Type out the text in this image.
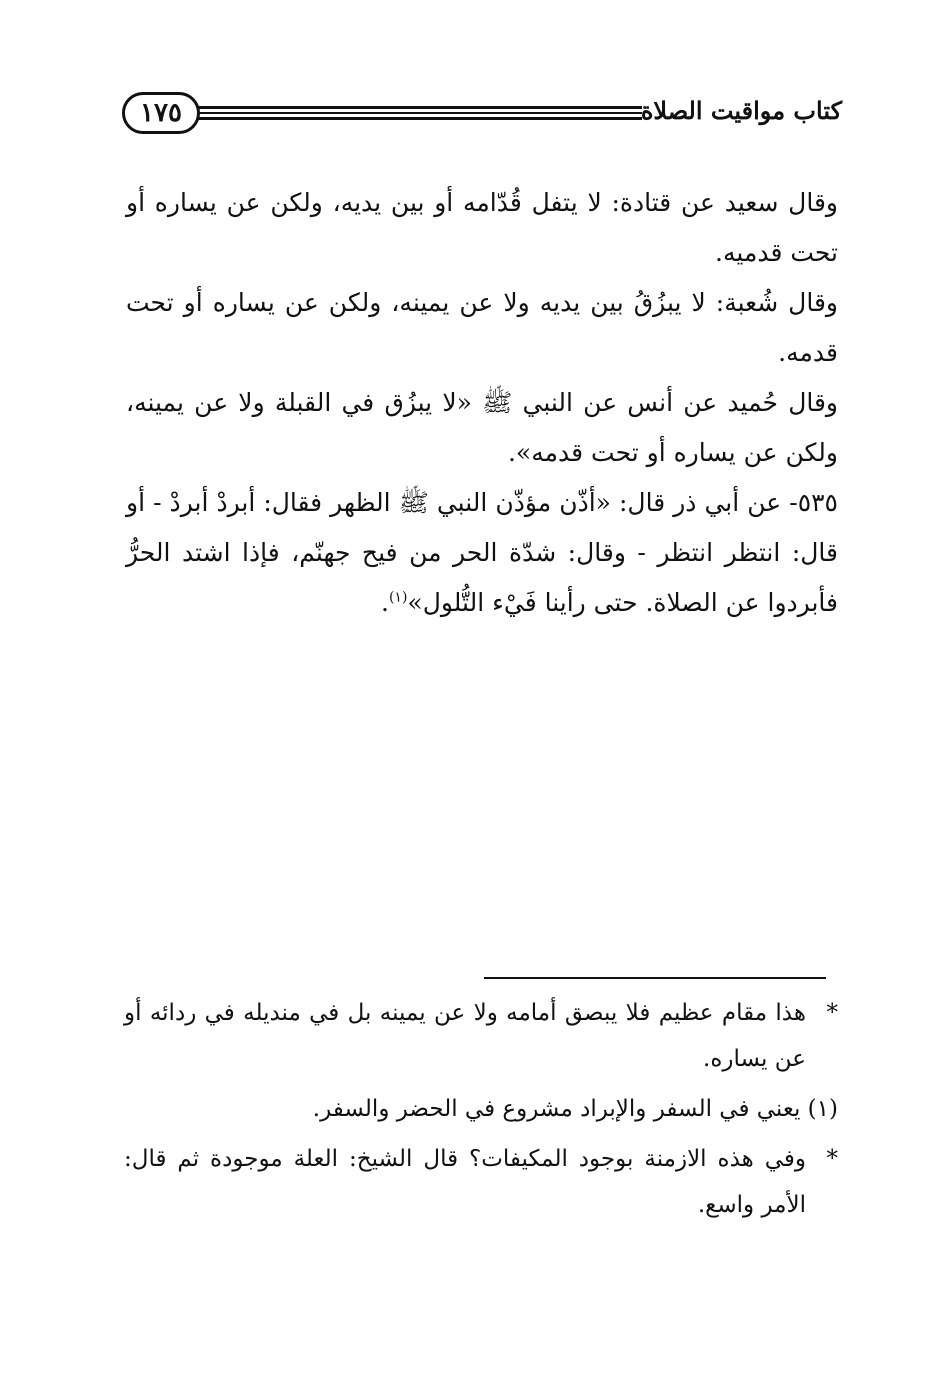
١٧٥	كتاب مواقيت الصلاة

وقال سعيد عن قتادة: لا يتفل قُدّامه أو بين يديه، ولكن عن يساره أو تحت قدميه.

وقال شُعبة: لا يبزُقُ بين يديه ولا عن يمينه، ولكن عن يساره أو تحت قدمه.

وقال حُميد عن أنس عن النبي ﷺ «لا يبزُق في القبلة ولا عن يمينه، ولكن عن يساره أو تحت قدمه».

٥٣٥- عن أبي ذر قال: «أذّن مؤذّن النبي ﷺ الظهر فقال: أبردْ أبردْ - أو قال: انتظر انتظر - وقال: شدّة الحر من فيح جهنّم، فإذا اشتد الحرُّ فأبردوا عن الصلاة. حتى رأينا فَيْء التُّلول»$^{(١)}$.

*
هذا مقام عظيم فلا يبصق أمامه ولا عن يمينه بل في منديله في ردائه أو عن يساره.

(١) يعني في السفر والإبراد مشروع في الحضر والسفر.

*
وفي هذه الازمنة بوجود المكيفات؟ قال الشيخ: العلة موجودة ثم قال: الأمر واسع.
